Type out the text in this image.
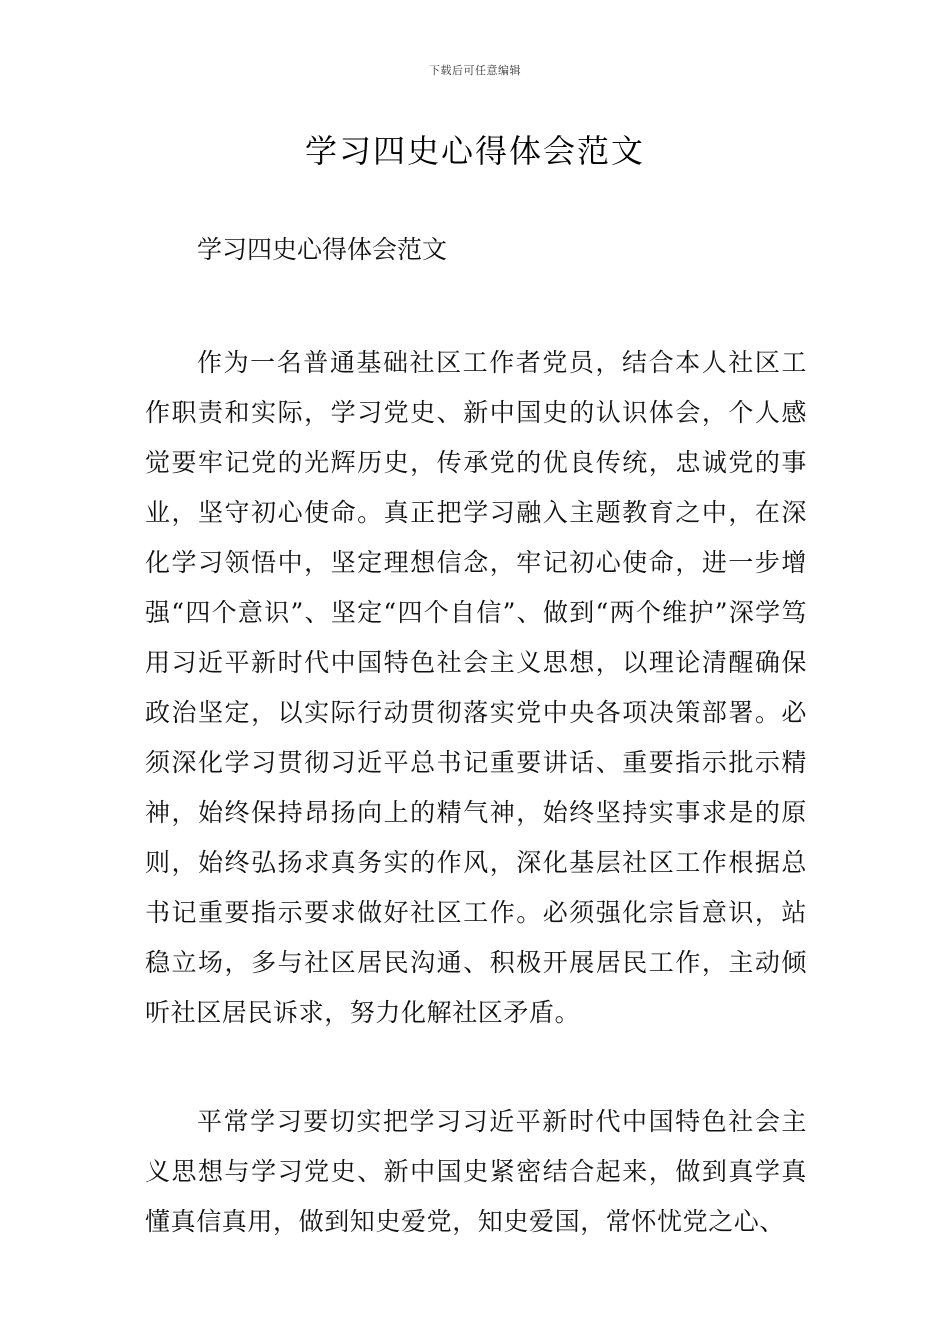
下载后可任意编辑
学习四史心得体会范文

学习四史心得体会范文

作为一名普通基础社区工作者党员，结合本人社区工作职责和实际，学习党史、新中国史的认识体会，个人感觉要牢记党的光辉历史，传承党的优良传统，忠诚党的事业，坚守初心使命。真正把学习融入主题教育之中，在深化学习领悟中，坚定理想信念，牢记初心使命，进一步增强“四个意识”、坚定“四个自信”、做到“两个维护”深学笃用习近平新时代中国特色社会主义思想，以理论清醒确保政治坚定，以实际行动贯彻落实党中央各项决策部署。必须深化学习贯彻习近平总书记重要讲话、重要指示批示精神，始终保持昂扬向上的精气神，始终坚持实事求是的原则，始终弘扬求真务实的作风，深化基层社区工作根据总书记重要指示要求做好社区工作。必须强化宗旨意识，站稳立场，多与社区居民沟通、积极开展居民工作，主动倾听社区居民诉求，努力化解社区矛盾。

平常学习要切实把学习习近平新时代中国特色社会主义思想与学习党史、新中国史紧密结合起来，做到真学真懂真信真用，做到知史爱党，知史爱国，常怀忧党之心、
